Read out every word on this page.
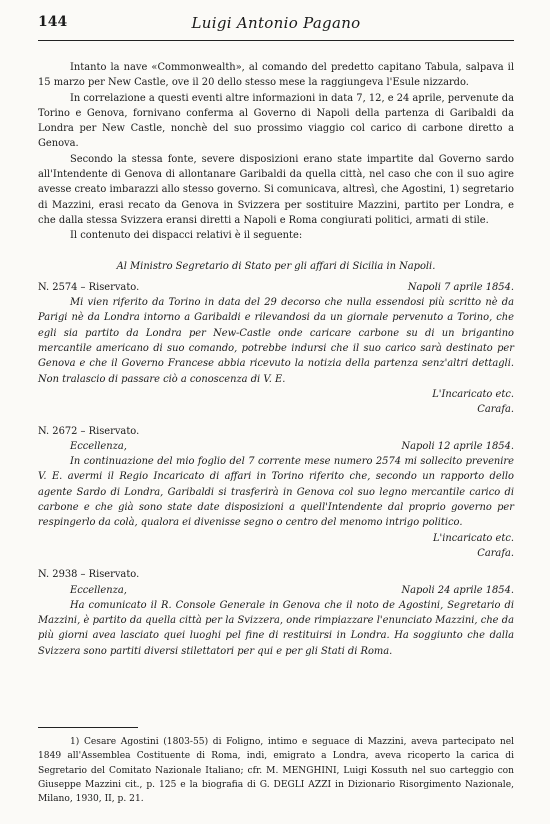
144	Luigi Antonio Pagano

Intanto la nave «Commonwealth», al comando del predetto capitano Tabula, salpava il 15 marzo per New Castle, ove il 20 dello stesso mese la raggiungeva l'Esule nizzardo.

In correlazione a questi eventi altre informazioni in data 7, 12, e 24 aprile, pervenute da Torino e Genova, fornivano conferma al Governo di Napoli della partenza di Garibaldi da Londra per New Castle, nonchè del suo prossimo viaggio col carico di carbone diretto a Genova.

Secondo la stessa fonte, severe disposizioni erano state impartite dal Governo sardo all'Intendente di Genova di allontanare Garibaldi da quella città, nel caso che con il suo agire avesse creato imbarazzi allo stesso governo. Si comunicava, altresì, che Agostini, 1) segretario di Mazzini, erasi recato da Genova in Svizzera per sostituire Mazzini, partito per Londra, e che dalla stessa Svizzera eransi diretti a Napoli e Roma congiurati politici, armati di stile.

Il contenuto dei dispacci relativi è il seguente:

Al Ministro Segretario di Stato per gli affari di Sicilia in Napoli.
N. 2574 – Riservato.	Napoli 7 aprile 1854.

Mi vien riferito da Torino in data del 29 decorso che nulla essendosi più scritto nè da Parigi nè da Londra intorno a Garibaldi e rilevandosi da un giornale pervenuto a Torino, che egli sia partito da Londra per New-Castle onde caricare carbone su di un brigantino mercantile americano di suo comando, potrebbe indursi che il suo carico sarà destinato per Genova e che il Governo Francese abbia ricevuto la notizia della partenza senz'altri dettagli. Non tralascio di passare ciò a conoscenza di V. E.

L'Incaricato etc.
Carafa.
N. 2672 – Riservato.
Eccellenza,	Napoli 12 aprile 1854.

In continuazione del mio foglio del 7 corrente mese numero 2574 mi sollecito prevenire V. E. avermi il Regio Incaricato di affari in Torino riferito che, secondo un rapporto dello agente Sardo di Londra, Garibaldi si trasferirà in Genova col suo legno mercantile carico di carbone e che già sono state date disposizioni a quell'Intendente dal proprio governo per respingerlo da colà, qualora ei divenisse segno o centro del menomo intrigo politico.

L'incaricato etc.
Carafa.
N. 2938 – Riservato.
Eccellenza,	Napoli 24 aprile 1854.

Ha comunicato il R. Console Generale in Genova che il noto de Agostini, Segretario di Mazzini, è partito da quella città per la Svizzera, onde rimpiazzare l'enunciato Mazzini, che da più giorni avea lasciato quei luoghi pel fine di restituirsi in Londra. Ha soggiunto che dalla Svizzera sono partiti diversi stilettatori per qui e per gli Stati di Roma.

1) Cesare Agostini (1803-55) di Foligno, intimo e seguace di Mazzini, aveva partecipato nel 1849 all'Assemblea Costituente di Roma, indi, emigrato a Londra, aveva ricoperto la carica di Segretario del Comitato Nazionale Italiano; cfr. M. MENGHINI, Luigi Kossuth nel suo carteggio con Giuseppe Mazzini cit., p. 125 e la biografia di G. DEGLI AZZI in Dizionario Risorgimento Nazionale, Milano, 1930, II, p. 21.
